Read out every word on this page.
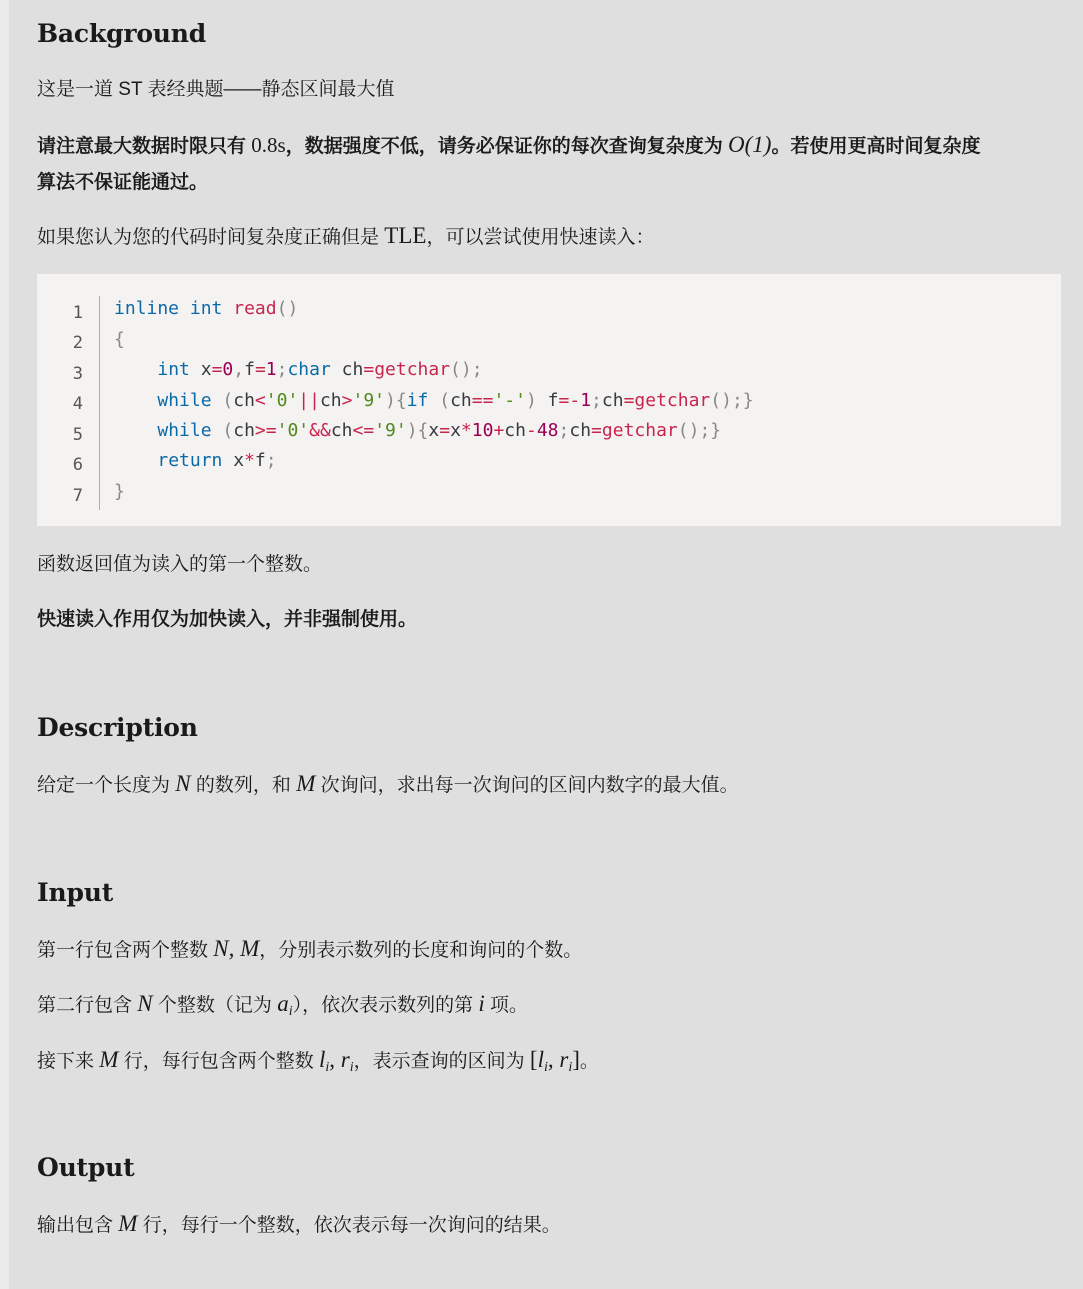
Background

这是一道 ST 表经典题——静态区间最大值

请注意最大数据时限只有 0.8s，数据强度不低，请务必保证你的每次查询复杂度为 O(1)。若使用更高时间复杂度
算法不保证能通过。

如果您认为您的代码时间复杂度正确但是 TLE，可以尝试使用快速读入：

1
2
3
4
5
6
7
inline int read()
{
int x=0,f=1;char ch=getchar();
while (ch<'0'||ch>'9'){if (ch=='-') f=-1;ch=getchar();}
while (ch>='0'&&ch<='9'){x=x*10+ch-48;ch=getchar();}
return x*f;
}

函数返回值为读入的第一个整数。

快速读入作用仅为加快读入，并非强制使用。

Description

给定一个长度为 N 的数列，和 M 次询问，求出每一次询问的区间内数字的最大值。

Input

第一行包含两个整数 N, M，分别表示数列的长度和询问的个数。

第二行包含 N 个整数（记为 $a_i$），依次表示数列的第 i 项。

接下来 M 行，每行包含两个整数 $l_i$, $r_i$，表示查询的区间为 [$l_i$, $r_i$]。

Output

输出包含 M 行，每行一个整数，依次表示每一次询问的结果。
